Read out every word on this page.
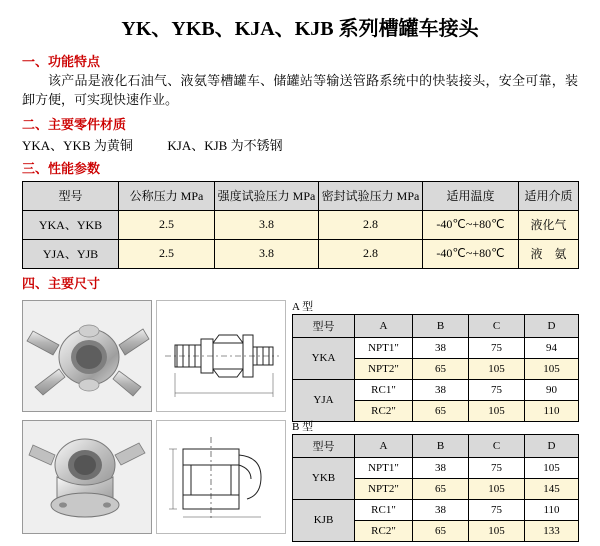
YK、YKB、KJA、KJB 系列槽罐车接头
一、功能特点
该产品是液化石油气、液氨等槽罐车、储罐站等输送管路系统中的快装接头，安全可靠，装卸方便，可实现快速作业。
二、主要零件材质
YKA、YKB 为黄铜	KJA、KJB 为不锈钢
三、性能参数
型号	公称压力 MPa	强度试验压力 MPa	密封试验压力 MPa	适用温度	适用介质
YKA、YKB	2.5	3.8	2.8	-40℃~+80℃	液化气
YJA、YJB	2.5	3.8	2.8	-40℃~+80℃	液　氨
四、主要尺寸
A 型
型号	A	B	C	D
YKA	NPT1"	38	75	94
	NPT2"	65	105	105
YJA	RC1"	38	75	90
	RC2"	65	105	110
B 型
型号	A	B	C	D
YKB	NPT1"	38	75	105
	NPT2"	65	105	145
KJB	RC1"	38	75	110
	RC2"	65	105	133
